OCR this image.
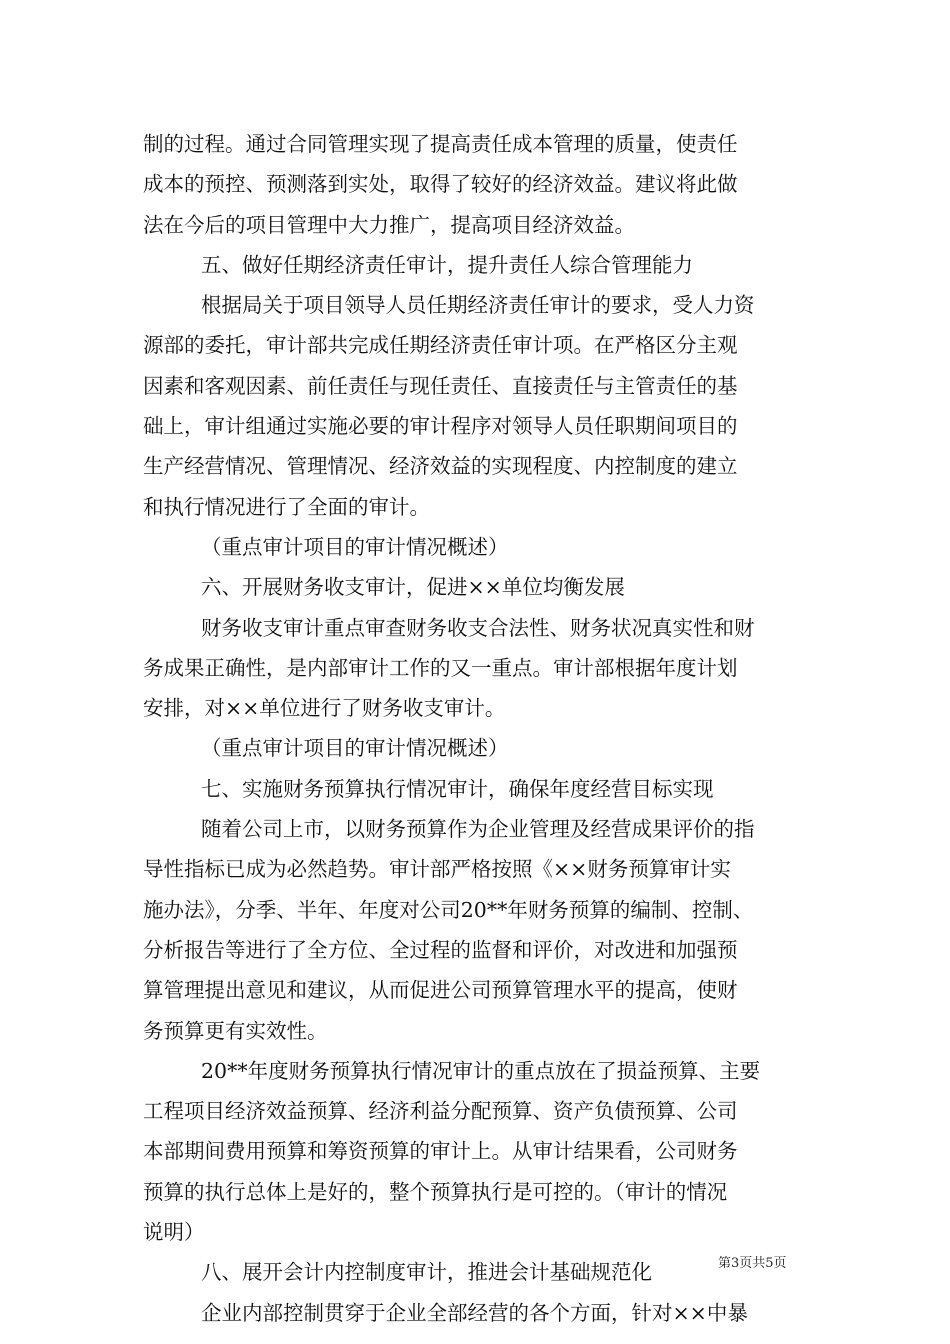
制的过程。通过合同管理实现了提高责任成本管理的质量，使责任
成本的预控、预测落到实处，取得了较好的经济效益。建议将此做
法在今后的项目管理中大力推广，提高项目经济效益。
五、做好任期经济责任审计，提升责任人综合管理能力
根据局关于项目领导人员任期经济责任审计的要求，受人力资
源部的委托，审计部共完成任期经济责任审计项。在严格区分主观
因素和客观因素、前任责任与现任责任、直接责任与主管责任的基
础上，审计组通过实施必要的审计程序对领导人员任职期间项目的
生产经营情况、管理情况、经济效益的实现程度、内控制度的建立
和执行情况进行了全面的审计。
（重点审计项目的审计情况概述）
六、开展财务收支审计，促进××单位均衡发展
财务收支审计重点审查财务收支合法性、财务状况真实性和财
务成果正确性，是内部审计工作的又一重点。审计部根据年度计划
安排，对××单位进行了财务收支审计。
（重点审计项目的审计情况概述）
七、实施财务预算执行情况审计，确保年度经营目标实现
随着公司上市，以财务预算作为企业管理及经营成果评价的指
导性指标已成为必然趋势。审计部严格按照《××财务预算审计实
施办法》，分季、半年、年度对公司20**年财务预算的编制、控制、
分析报告等进行了全方位、全过程的监督和评价，对改进和加强预
算管理提出意见和建议，从而促进公司预算管理水平的提高，使财
务预算更有实效性。
20**年度财务预算执行情况审计的重点放在了损益预算、主要
工程项目经济效益预算、经济利益分配预算、资产负债预算、公司
本部期间费用预算和筹资预算的审计上。从审计结果看，公司财务
预算的执行总体上是好的，整个预算执行是可控的。（审计的情况
说明）
八、展开会计内控制度审计，推进会计基础规范化
企业内部控制贯穿于企业全部经营的各个方面，针对××中暴
第3页共5页
